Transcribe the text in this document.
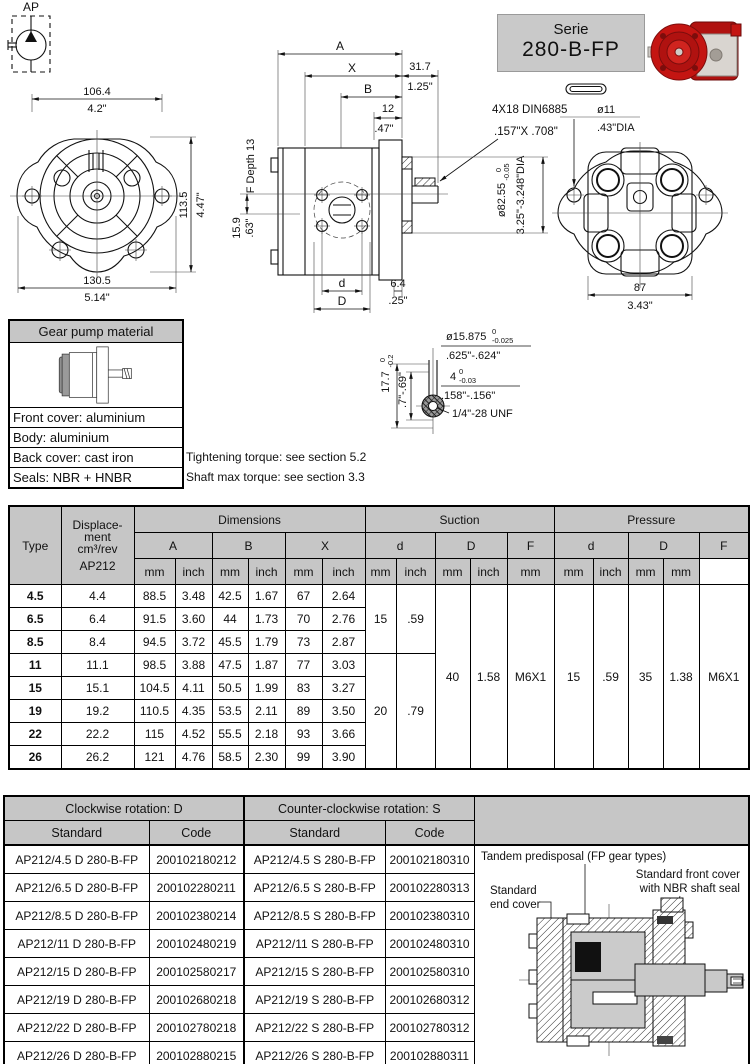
AP
106.4
4.2"
113.5 4.47"
130.5
5.14"
A
X	31.7
1.25"
B
12
.47"
F Depth 13
15.9 .63"
d
D
6.4
.25"
4X18 DIN6885
.157"X .708"
ø82.55
0 -0.05 3.25"-3.248"DIA
ø11
.43"DIA
87
3.43"
ø15.875 0
-0.025
.625"-.624"
4 0
-0.03
.158"-.156"
1/4"-28 UNF
17.7
0 -0.2
.7"-.69"
Serie
280-B-FP
Gear pump material
Front cover: aluminium
Body: aluminium
Back cover: cast iron
Seals: NBR + HNBR
Tightening torque: see section 5.2
Shaft max torque: see section 3.3
Type	Displace-
ment
cm³/rev
AP212	Dimensions						Suction					Pressure				
		A		B		X		d		D		F	d		D		F
		mm	inch	mm	inch	mm	inch	mm	inch	mm	inch	mm	mm	inch	mm	mm	
4.5	4.4	88.5	3.48	42.5	1.67	67	2.64	15	.59	40	1.58	M6X1	15	.59	35	1.38	M6X1
6.5	6.4	91.5	3.60	44	1.73	70	2.76										
8.5	8.4	94.5	3.72	45.5	1.79	73	2.87										
11	11.1	98.5	3.88	47.5	1.87	77	3.03	20	.79								
15	15.1	104.5	4.11	50.5	1.99	83	3.27										
19	19.2	110.5	4.35	53.5	2.11	89	3.50										
22	22.2	115	4.52	55.5	2.18	93	3.66										
26	26.2	121	4.76	58.5	2.30	99	3.90										
Clockwise rotation: D		Counter-clockwise rotation: S		
Standard	Code	Standard	Code	
AP212/4.5 D 280-B-FP	200102180212	AP212/4.5 S 280-B-FP	200102180310	Tandem predisposal (FP gear types)
Standard front cover
with NBR shaft seal
Standard
end cover

AP212/6.5 D 280-B-FP	200102280211	AP212/6.5 S 280-B-FP	200102280313	
AP212/8.5 D 280-B-FP	200102380214	AP212/8.5 S 280-B-FP	200102380310	
AP212/11 D 280-B-FP	200102480219	AP212/11 S 280-B-FP	200102480310	
AP212/15 D 280-B-FP	200102580217	AP212/15 S 280-B-FP	200102580310	
AP212/19 D 280-B-FP	200102680218	AP212/19 S 280-B-FP	200102680312	
AP212/22 D 280-B-FP	200102780218	AP212/22 S 280-B-FP	200102780312	
AP212/26 D 280-B-FP	200102880215	AP212/26 S 280-B-FP	200102880311	
